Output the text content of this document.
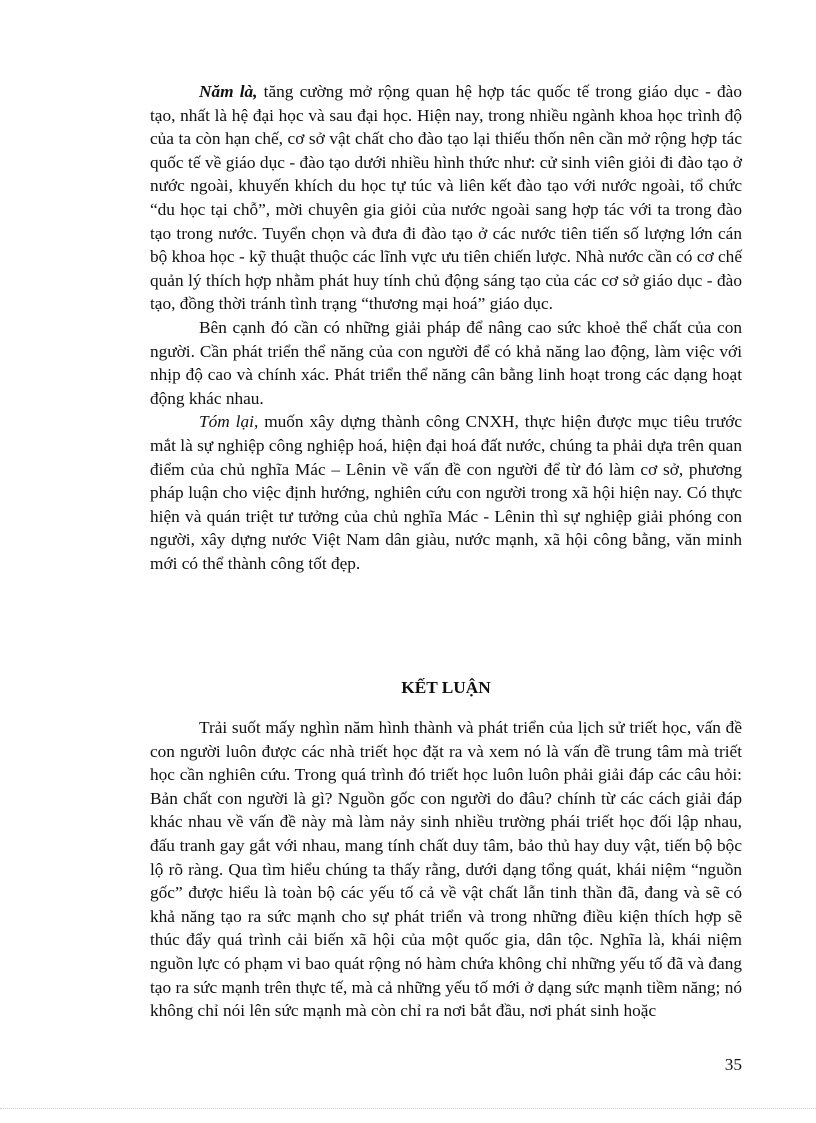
Năm là, tăng cường mở rộng quan hệ hợp tác quốc tế trong giáo dục - đào tạo, nhất là hệ đại học và sau đại học. Hiện nay, trong nhiều ngành khoa học trình độ của ta còn hạn chế, cơ sở vật chất cho đào tạo lại thiếu thốn nên cần mở rộng hợp tác quốc tế về giáo dục - đào tạo dưới nhiều hình thức như: cử sinh viên giỏi đi đào tạo ở nước ngoài, khuyến khích du học tự túc và liên kết đào tạo với nước ngoài, tổ chức “du học tại chỗ”, mời chuyên gia giỏi của nước ngoài sang hợp tác với ta trong đào tạo trong nước. Tuyển chọn và đưa đi đào tạo ở các nước tiên tiến số lượng lớn cán bộ khoa học - kỹ thuật thuộc các lĩnh vực ưu tiên chiến lược. Nhà nước cần có cơ chế quản lý thích hợp nhằm phát huy tính chủ động sáng tạo của các cơ sở giáo dục - đào tạo, đồng thời tránh tình trạng “thương mại hoá” giáo dục.

Bên cạnh đó cần có những giải pháp để nâng cao sức khoẻ thể chất của con người. Cần phát triển thể năng của con người để có khả năng lao động, làm việc với nhịp độ cao và chính xác. Phát triển thể năng cân bằng linh hoạt trong các dạng hoạt động khác nhau.

Tóm lại, muốn xây dựng thành công CNXH, thực hiện được mục tiêu trước mắt là sự nghiệp công nghiệp hoá, hiện đại hoá đất nước, chúng ta phải dựa trên quan điểm của chủ nghĩa Mác – Lênin về vấn đề con người để từ đó làm cơ sở, phương pháp luận cho việc định hướng, nghiên cứu con người trong xã hội hiện nay. Có thực hiện và quán triệt tư tưởng của chủ nghĩa Mác - Lênin thì sự nghiệp giải phóng con người, xây dựng nước Việt Nam dân giàu, nước mạnh, xã hội công bằng, văn minh mới có thể thành công tốt đẹp.

KẾT LUẬN

Trải suốt mấy nghìn năm hình thành và phát triển của lịch sử triết học, vấn đề con người luôn được các nhà triết học đặt ra và xem nó là vấn đề trung tâm mà triết học cần nghiên cứu. Trong quá trình đó triết học luôn luôn phải giải đáp các câu hỏi: Bản chất con người là gì? Nguồn gốc con người do đâu? chính từ các cách giải đáp khác nhau về vấn đề này mà làm nảy sinh nhiều trường phái triết học đối lập nhau, đấu tranh gay gắt với nhau, mang tính chất duy tâm, bảo thủ hay duy vật, tiến bộ bộc lộ rõ ràng. Qua tìm hiểu chúng ta thấy rằng, dưới dạng tổng quát, khái niệm “nguồn gốc” được hiểu là toàn bộ các yếu tố cả về vật chất lẫn tinh thần đã, đang và sẽ có khả năng tạo ra sức mạnh cho sự phát triển và trong những điều kiện thích hợp sẽ thúc đẩy quá trình cải biến xã hội của một quốc gia, dân tộc. Nghĩa là, khái niệm nguồn lực có phạm vi bao quát rộng nó hàm chứa không chỉ những yếu tố đã và đang tạo ra sức mạnh trên thực tế, mà cả những yếu tố mới ở dạng sức mạnh tiềm năng; nó không chỉ nói lên sức mạnh mà còn chỉ ra nơi bắt đầu, nơi phát sinh hoặc

35
